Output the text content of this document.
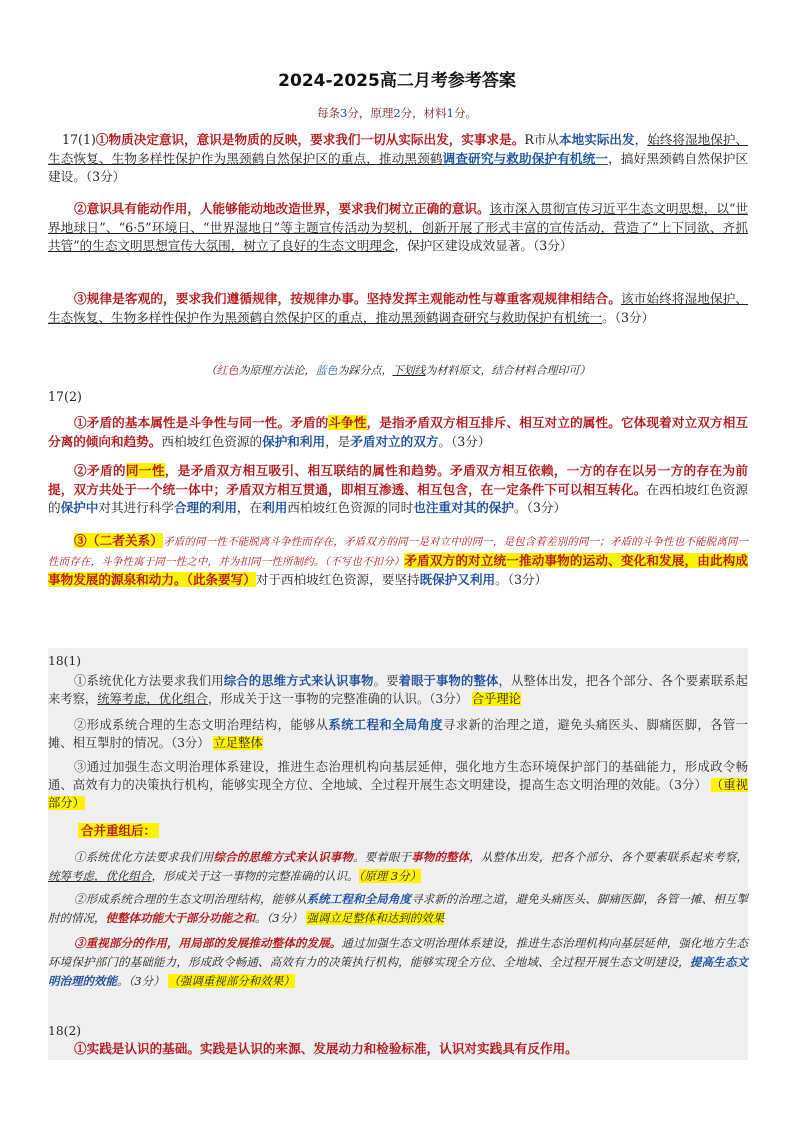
2024-2025高二月考参考答案
每条3分，原理2分，材料1分。
17(1)①物质决定意识，意识是物质的反映，要求我们一切从实际出发，实事求是。R市从本地实际出发，始终将湿地保护、生态恢复、生物多样性保护作为黑颈鹤自然保护区的重点，推动黑颈鹤调查研究与救助保护有机统一，搞好黑颈鹤自然保护区建设。（3分）
②意识具有能动作用，人能够能动地改造世界，要求我们树立正确的意识。该市深入贯彻宣传习近平生态文明思想，以“世界地球日”、“6·5”环境日、“世界湿地日”等主题宣传活动为契机，创新开展了形式丰富的宣传活动，营造了“上下同欲、齐抓共管”的生态文明思想宣传大氛围，树立了良好的生态文明理念，保护区建设成效显著。（3分）
③规律是客观的，要求我们遵循规律，按规律办事。坚持发挥主观能动性与尊重客观规律相结合。该市始终将湿地保护、生态恢复、生物多样性保护作为黑颈鹤自然保护区的重点，推动黑颈鹤调查研究与救助保护有机统一。（3分）
（红色为原理方法论，蓝色为踩分点，下划线为材料原文，结合材料合理印可）
17(2)
①矛盾的基本属性是斗争性与同一性。矛盾的斗争性，是指矛盾双方相互排斥、相互对立的属性。它体现着对立双方相互分离的倾向和趋势。西柏坡红色资源的保护和利用，是矛盾对立的双方。（3分）
②矛盾的同一性，是矛盾双方相互吸引、相互联结的属性和趋势。矛盾双方相互依赖，一方的存在以另一方的存在为前提，双方共处于一个统一体中；矛盾双方相互贯通，即相互渗透、相互包含，在一定条件下可以相互转化。在西柏坡红色资源的保护中对其进行科学合理的利用，在利用西柏坡红色资源的同时也注重对其的保护。（3分）
③（二者关系）矛盾的同一性不能脱离斗争性而存在，矛盾双方的同一是对立中的同一，是包含着差别的同一；矛盾的斗争性也不能脱离同一性而存在，斗争性寓于同一性之中，并为扣同一性所制约。（不写也不扣分）矛盾双方的对立统一推动事物的运动、变化和发展，由此构成事物发展的源泉和动力。（此条要写）对于西柏坡红色资源，要坚持既保护又利用。（3分）
18(1)
①系统优化方法要求我们用综合的思维方式来认识事物。要着眼于事物的整体，从整体出发，把各个部分、各个要素联系起来考察，统筹考虑，优化组合，形成关于这一事物的完整准确的认识。（3分） 合乎理论
②形成系统合理的生态文明治理结构，能够从系统工程和全局角度寻求新的治理之道，避免头痛医头、脚痛医脚，各管一摊、相互掣肘的情况。（3分） 立足整体
③通过加强生态文明治理体系建设，推进生态治理机构向基层延伸，强化地方生态环境保护部门的基础能力，形成政令畅通、高效有力的决策执行机构，能够实现全方位、全地域、全过程开展生态文明建设，提高生态文明治理的效能。（3分） （重视部分）
合并重组后：
①系统优化方法要求我们用综合的思维方式来认识事物。要着眼于事物的整体，从整体出发，把各个部分、各个要素联系起来考察，统筹考虑，优化组合，形成关于这一事物的完整准确的认识。（原理 3分）
②形成系统合理的生态文明治理结构，能够从系统工程和全局角度寻求新的治理之道，避免头痛医头、脚痛医脚，各管一摊、相互掣肘的情况，使整体功能大于部分功能之和。（3分） 强调立足整体和达到的效果
③重视部分的作用，用局部的发展推动整体的发展。通过加强生态文明治理体系建设，推进生态治理机构向基层延伸，强化地方生态环境保护部门的基础能力，形成政令畅通、高效有力的决策执行机构，能够实现全方位、全地域、全过程开展生态文明建设，提高生态文明治理的效能。（3分） （强调重视部分和效果）
18(2)
①实践是认识的基础。实践是认识的来源、发展动力和检验标准，认识对实践具有反作用。
